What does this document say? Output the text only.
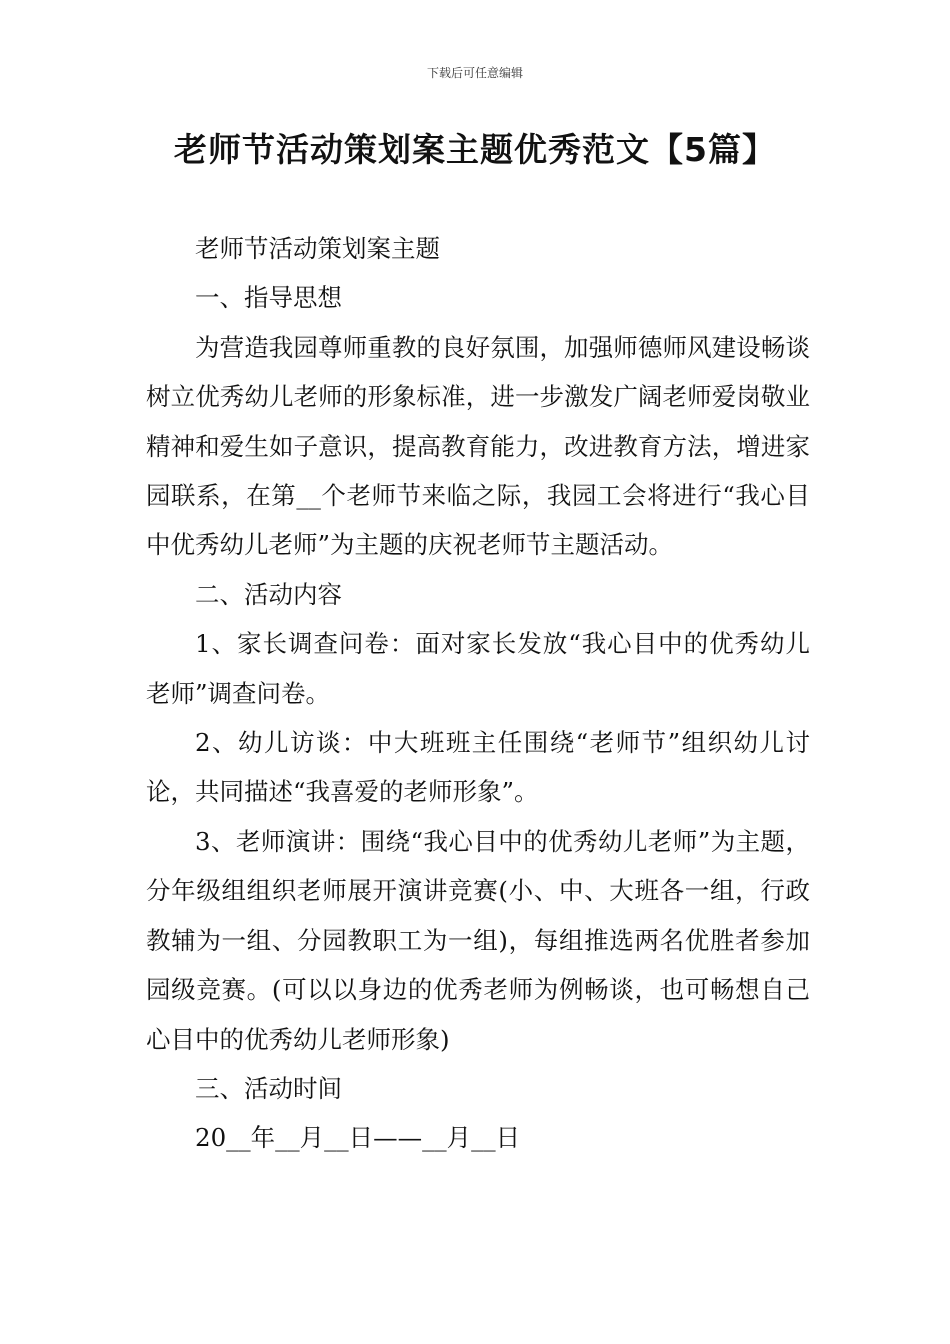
下载后可任意编辑
老师节活动策划案主题优秀范文【5篇】

老师节活动策划案主题

一、指导思想

为营造我园尊师重教的良好氛围，加强师德师风建设畅谈树立优秀幼儿老师的形象标准，进一步激发广阔老师爱岗敬业精神和爱生如子意识，提高教育能力，改进教育方法，增进家园联系，在第__个老师节来临之际，我园工会将进行“我心目中优秀幼儿老师”为主题的庆祝老师节主题活动。

二、活动内容

1、家长调查问卷：面对家长发放“我心目中的优秀幼儿老师”调查问卷。

2、幼儿访谈：中大班班主任围绕“老师节”组织幼儿讨论，共同描述“我喜爱的老师形象”。

3、老师演讲：围绕“我心目中的优秀幼儿老师”为主题，分年级组组织老师展开演讲竞赛(小、中、大班各一组，行政教辅为一组、分园教职工为一组)，每组推选两名优胜者参加园级竞赛。(可以以身边的优秀老师为例畅谈，也可畅想自己心目中的优秀幼儿老师形象)

三、活动时间

20__年__月__日——__月__日
